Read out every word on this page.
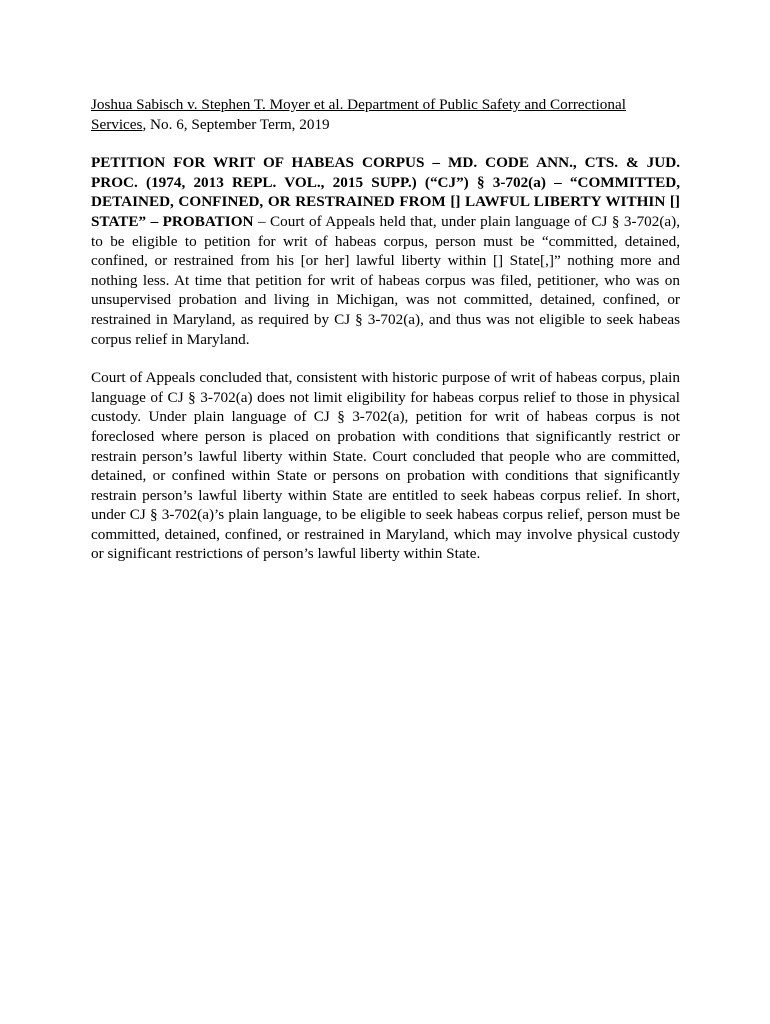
Joshua Sabisch v. Stephen T. Moyer et al. Department of Public Safety and Correctional Services, No. 6, September Term, 2019

PETITION FOR WRIT OF HABEAS CORPUS – MD. CODE ANN., CTS. & JUD. PROC. (1974, 2013 REPL. VOL., 2015 SUPP.) (“CJ”) § 3-702(a) – “COMMITTED, DETAINED, CONFINED, OR RESTRAINED FROM [] LAWFUL LIBERTY WITHIN [] STATE” – PROBATION – Court of Appeals held that, under plain language of CJ § 3-702(a), to be eligible to petition for writ of habeas corpus, person must be “committed, detained, confined, or restrained from his [or her] lawful liberty within [] State[,]” nothing more and nothing less. At time that petition for writ of habeas corpus was filed, petitioner, who was on unsupervised probation and living in Michigan, was not committed, detained, confined, or restrained in Maryland, as required by CJ § 3-702(a), and thus was not eligible to seek habeas corpus relief in Maryland.

Court of Appeals concluded that, consistent with historic purpose of writ of habeas corpus, plain language of CJ § 3-702(a) does not limit eligibility for habeas corpus relief to those in physical custody. Under plain language of CJ § 3-702(a), petition for writ of habeas corpus is not foreclosed where person is placed on probation with conditions that significantly restrict or restrain person’s lawful liberty within State. Court concluded that people who are committed, detained, or confined within State or persons on probation with conditions that significantly restrain person’s lawful liberty within State are entitled to seek habeas corpus relief. In short, under CJ § 3-702(a)’s plain language, to be eligible to seek habeas corpus relief, person must be committed, detained, confined, or restrained in Maryland, which may involve physical custody or significant restrictions of person’s lawful liberty within State.
